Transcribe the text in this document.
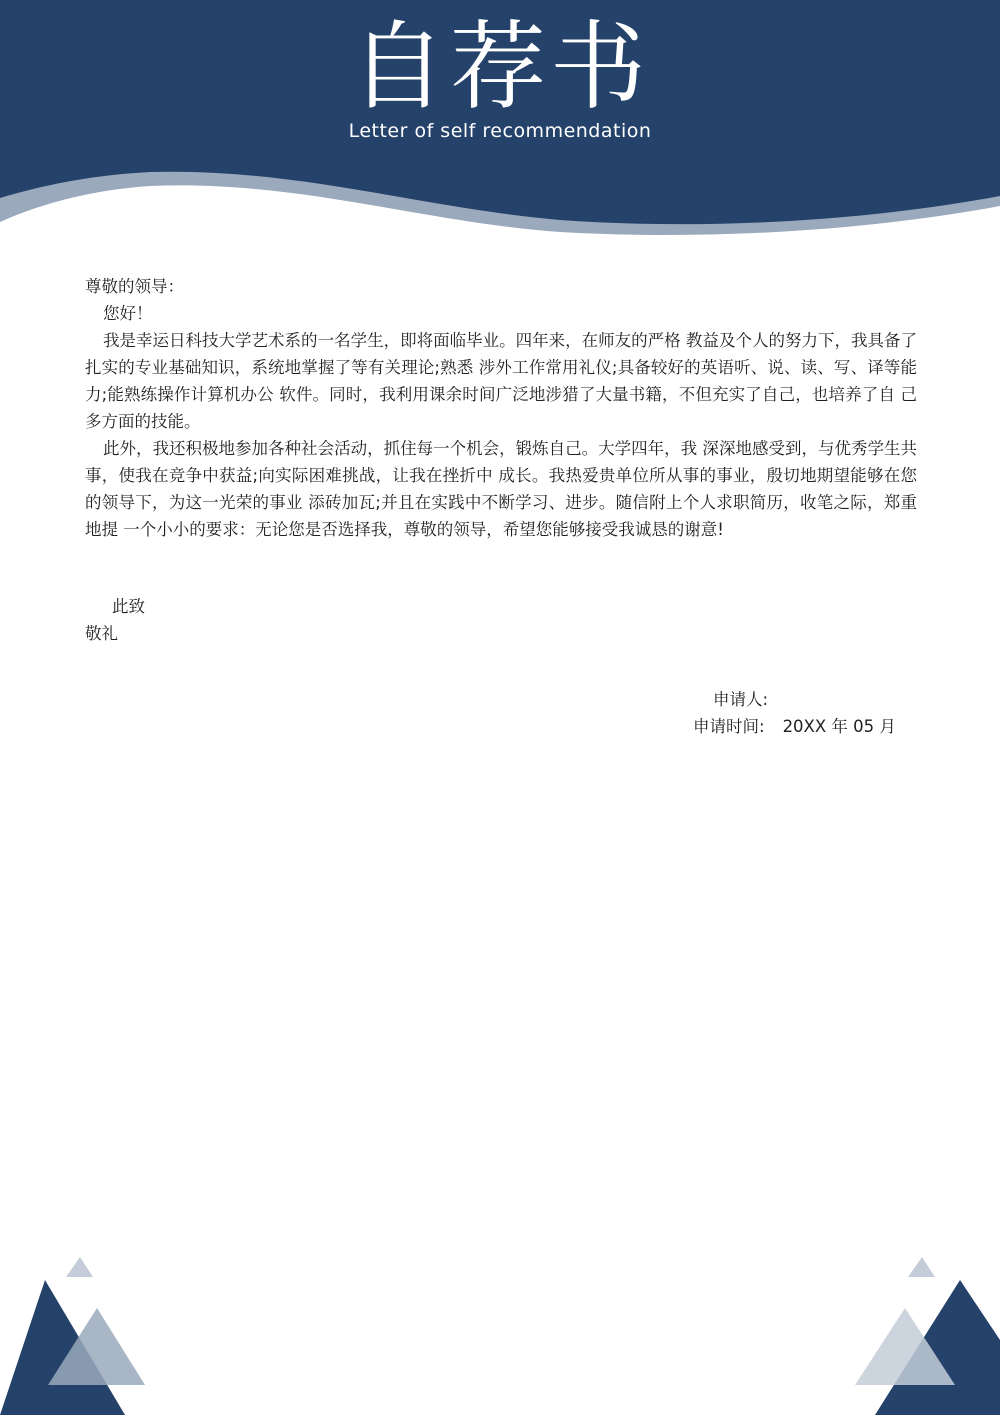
自荐书
Letter of self recommendation

尊敬的领导：

您好！

我是幸运日科技大学艺术系的一名学生，即将面临毕业。四年来，在师友的严格 教益及个人的努力下，我具备了扎实的专业基础知识，系统地掌握了等有关理论;熟悉 涉外工作常用礼仪;具备较好的英语听、说、读、写、译等能力;能熟练操作计算机办公 软件。同时，我利用课余时间广泛地涉猎了大量书籍，不但充实了自己，也培养了自 己多方面的技能。

此外，我还积极地参加各种社会活动，抓住每一个机会，锻炼自己。大学四年，我 深深地感受到，与优秀学生共事，使我在竞争中获益;向实际困难挑战，让我在挫折中 成长。我热爱贵单位所从事的事业，殷切地期望能够在您的领导下，为这一光荣的事业 添砖加瓦;并且在实践中不断学习、进步。随信附上个人求职简历，收笔之际，郑重地提 一个小小的要求：无论您是否选择我，尊敬的领导，希望您能够接受我诚恳的谢意!

此致
敬礼
申请人:
申请时间: 20XX 年 05 月
